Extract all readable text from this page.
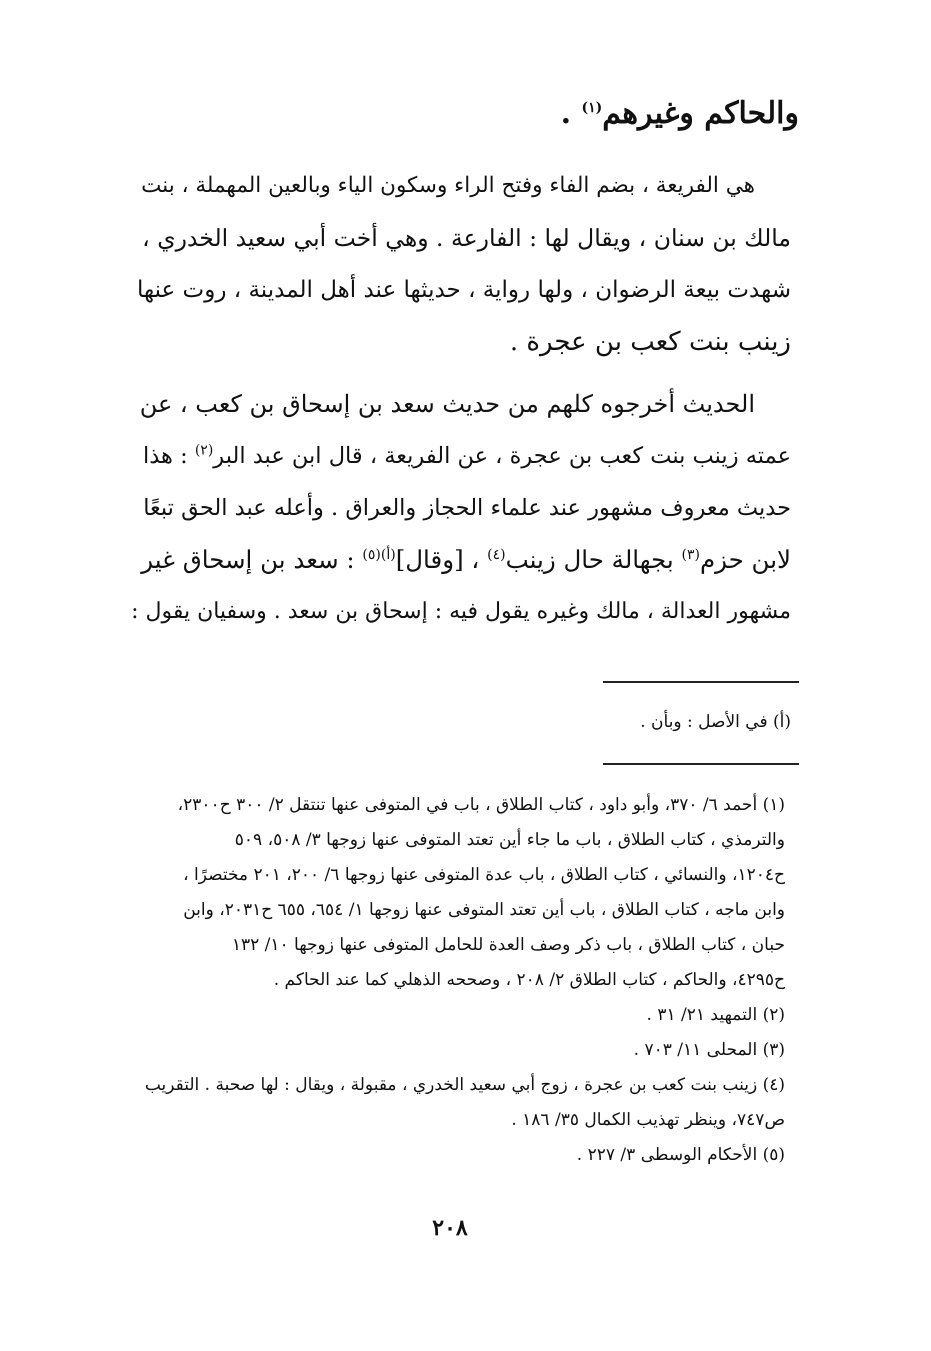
والحاكم وغيرهم$^{(١)}$ .
هي الفريعة ، بضم الفاء وفتح الراء وسكون الياء وبالعين المهملة ، بنت
مالك بن سنان ، ويقال لها : الفارعة . وهي أخت أبي سعيد الخدري ،
شهدت بيعة الرضوان ، ولها رواية ، حديثها عند أهل المدينة ، روت عنها
زينب بنت كعب بن عجرة .
الحديث أخرجوه كلهم من حديث سعد بن إسحاق بن كعب ، عن
عمته زينب بنت كعب بن عجرة ، عن الفريعة ، قال ابن عبد البر$^{(٢)}$ : هذا
حديث معروف مشهور عند علماء الحجاز والعراق . وأعله عبد الحق تبعًا
لابن حزم$^{(٣)}$ بجهالة حال زينب$^{(٤)}$ ، [وقال]$^{(أ)(٥)}$ : سعد بن إسحاق غير
مشهور العدالة ، مالك وغيره يقول فيه : إسحاق بن سعد . وسفيان يقول :
(أ) في الأصل : وبأن .
(١) أحمد ٦/ ٣٧٠، وأبو داود ، كتاب الطلاق ، باب في المتوفى عنها تنتقل ٢/ ٣٠٠ ح٢٣٠٠،
والترمذي ، كتاب الطلاق ، باب ما جاء أين تعتد المتوفى عنها زوجها ٣/ ٥٠٨، ٥٠٩
ح١٢٠٤، والنسائي ، كتاب الطلاق ، باب عدة المتوفى عنها زوجها ٦/ ٢٠٠، ٢٠١ مختصرًا ،
وابن ماجه ، كتاب الطلاق ، باب أين تعتد المتوفى عنها زوجها ١/ ٦٥٤، ٦٥٥ ح٢٠٣١، وابن
حبان ، كتاب الطلاق ، باب ذكر وصف العدة للحامل المتوفى عنها زوجها ١٠/ ١٣٢
ح٤٢٩٥، والحاكم ، كتاب الطلاق ٢/ ٢٠٨ ، وصححه الذهلي كما عند الحاكم .
(٢) التمهيد ٢١/ ٣١ .
(٣) المحلى ١١/ ٧٠٣ .
(٤) زينب بنت كعب بن عجرة ، زوج أبي سعيد الخدري ، مقبولة ، ويقال : لها صحبة . التقريب
ص٧٤٧، وينظر تهذيب الكمال ٣٥/ ١٨٦ .
(٥) الأحكام الوسطى ٣/ ٢٢٧ .
٢٠٨
